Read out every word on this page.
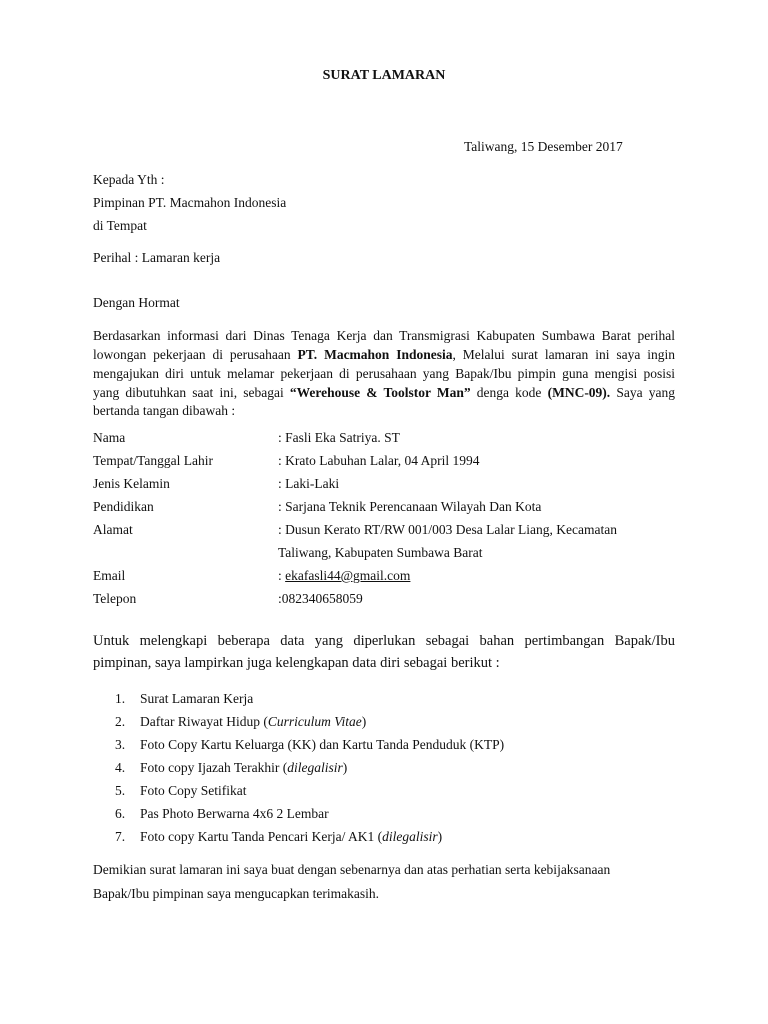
SURAT LAMARAN
Taliwang, 15 Desember 2017
Kepada Yth :
Pimpinan PT. Macmahon Indonesia
di Tempat
Perihal : Lamaran kerja
Dengan Hormat
Berdasarkan informasi dari Dinas Tenaga Kerja dan Transmigrasi Kabupaten Sumbawa Barat perihal
lowongan pekerjaan di perusahaan PT. Macmahon Indonesia, Melalui surat lamaran ini saya ingin
mengajukan diri untuk melamar pekerjaan di perusahaan yang Bapak/Ibu pimpin guna mengisi posisi
yang dibutuhkan saat ini, sebagai “Werehouse & Toolstor Man” denga kode (MNC-09). Saya yang
bertanda tangan dibawah :
Nama	: Fasli Eka Satriya. ST
Tempat/Tanggal Lahir	: Krato Labuhan Lalar, 04 April 1994
Jenis Kelamin	: Laki-Laki
Pendidikan	: Sarjana Teknik Perencanaan Wilayah Dan Kota
Alamat	: Dusun Kerato RT/RW 001/003 Desa Lalar Liang, Kecamatan
Taliwang, Kabupaten Sumbawa Barat
Email	: ekafasli44@gmail.com
Telepon	:082340658059
Untuk melengkapi beberapa data yang diperlukan sebagai bahan pertimbangan Bapak/Ibu
pimpinan, saya lampirkan juga kelengkapan data diri sebagai berikut :
1. Surat Lamaran Kerja
2. Daftar Riwayat Hidup (Curriculum Vitae)
3. Foto Copy Kartu Keluarga (KK) dan Kartu Tanda Penduduk (KTP)
4. Foto copy Ijazah Terakhir (dilegalisir)
5. Foto Copy Setifikat
6. Pas Photo Berwarna 4x6 2 Lembar
7. Foto copy Kartu Tanda Pencari Kerja/ AK1 (dilegalisir)
Demikian surat lamaran ini saya buat dengan sebenarnya dan atas perhatian serta kebijaksanaan
Bapak/Ibu pimpinan saya mengucapkan terimakasih.
